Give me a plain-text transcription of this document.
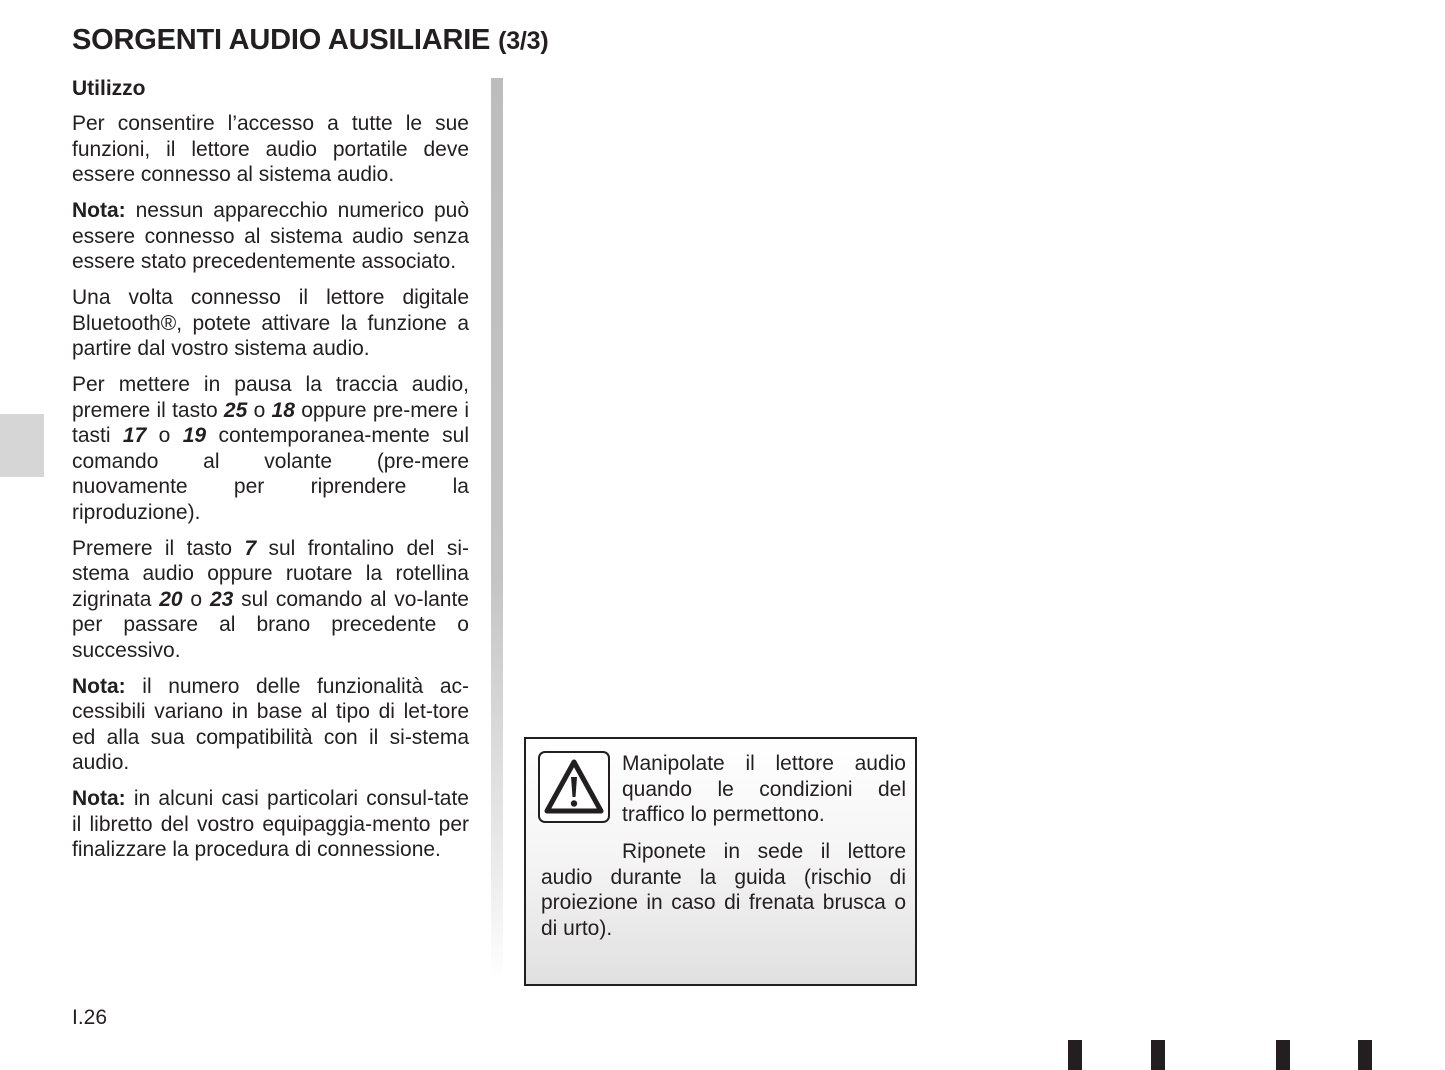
SORGENTI AUDIO AUSILIARIE (3/3)
Utilizzo

Per consentire l’accesso a tutte le sue funzioni, il lettore audio portatile deve essere connesso al sistema audio.

Nota: nessun apparecchio numerico può essere connesso al sistema audio senza essere stato precedentemente associato.

Una volta connesso il lettore digitale Bluetooth®, potete attivare la funzione a partire dal vostro sistema audio.

Per mettere in pausa la traccia audio, premere il tasto 25 o 18 oppure pre-mere i tasti 17 o 19 contemporanea-mente sul comando al volante (pre-mere nuovamente per riprendere la riproduzione).

Premere il tasto 7 sul frontalino del si-stema audio oppure ruotare la rotellina zigrinata 20 o 23 sul comando al vo-lante per passare al brano precedente o successivo.

Nota: il numero delle funzionalità ac-cessibili variano in base al tipo di let-tore ed alla sua compatibilità con il si-stema audio.

Nota: in alcuni casi particolari consul-tate il libretto del vostro equipaggia-mento per finalizzare la procedura di connessione.

Manipolate il lettore audio quando le condizioni del traffico lo permettono.

Riponete in sede il lettore audio durante la guida (rischio di proiezione in caso di frenata brusca o di urto).

I.26
